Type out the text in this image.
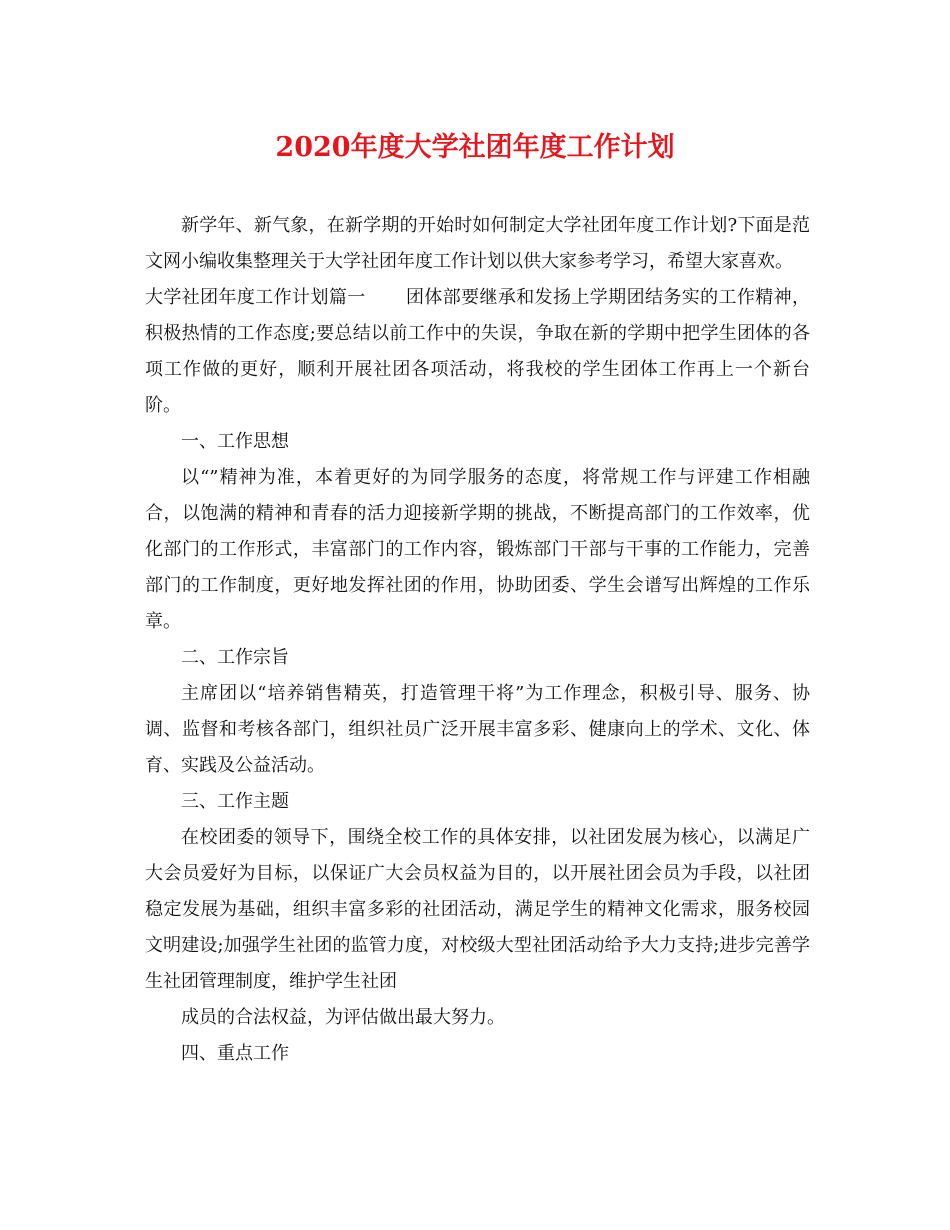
2020年度大学社团年度工作计划

新学年、新气象，在新学期的开始时如何制定大学社团年度工作计划?下面是范文网小编收集整理关于大学社团年度工作计划以供大家参考学习，希望大家喜欢。

大学社团年度工作计划篇一 团体部要继承和发扬上学期团结务实的工作精神，积极热情的工作态度;要总结以前工作中的失误，争取在新的学期中把学生团体的各项工作做的更好，顺利开展社团各项活动，将我校的学生团体工作再上一个新台阶。

一、工作思想

以“”精神为准，本着更好的为同学服务的态度，将常规工作与评建工作相融合，以饱满的精神和青春的活力迎接新学期的挑战，不断提高部门的工作效率，优化部门的工作形式，丰富部门的工作内容，锻炼部门干部与干事的工作能力，完善部门的工作制度，更好地发挥社团的作用，协助团委、学生会谱写出辉煌的工作乐章。

二、工作宗旨

主席团以“培养销售精英，打造管理干将”为工作理念，积极引导、服务、协调、监督和考核各部门，组织社员广泛开展丰富多彩、健康向上的学术、文化、体育、实践及公益活动。

三、工作主题

在校团委的领导下，围绕全校工作的具体安排，以社团发展为核心，以满足广大会员爱好为目标，以保证广大会员权益为目的，以开展社团会员为手段，以社团稳定发展为基础，组织丰富多彩的社团活动，满足学生的精神文化需求，服务校园文明建设;加强学生社团的监管力度，对校级大型社团活动给予大力支持;进步完善学生社团管理制度，维护学生社团

成员的合法权益，为评估做出最大努力。

四、重点工作
